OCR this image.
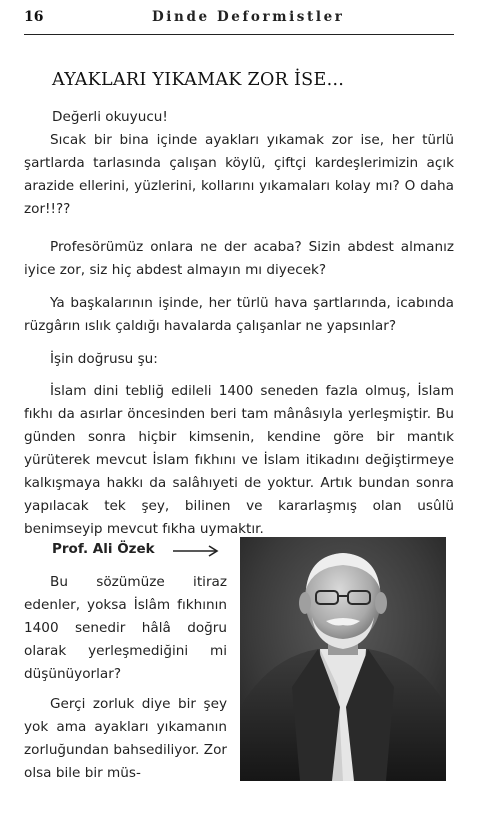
16	Dinde Deformistler
AYAKLARI YIKAMAK ZOR İSE…

Değerli okuyucu!

Sıcak bir bina içinde ayakları yıkamak zor ise, her türlü şartlarda tarlasında çalışan köylü, çiftçi kardeşlerimizin açık arazide ellerini, yüzlerini, kollarını yıkamaları kolay mı? O daha zor!!??

Profesörümüz onlara ne der acaba? Sizin abdest almanız iyice zor, siz hiç abdest almayın mı diyecek?

Ya başkalarının işinde, her türlü hava şartlarında, icabında rüzgârın ıslık çaldığı havalarda çalışanlar ne yapsınlar?

İşin doğrusu şu:

İslam dini tebliğ edileli 1400 seneden fazla olmuş, İslam fıkhı da asırlar öncesinden beri tam mânâsıyla yerleşmiştir. Bu günden sonra hiçbir kimsenin, kendine göre bir mantık yürüterek mevcut İslam fıkhını ve İslam itikadını değiştirmeye kalkışmaya hakkı da salâhıyeti de yoktur. Artık bundan sonra yapılacak tek şey, bilinen ve kararlaşmış olan usûlü benimseyip mevcut fıkha uymaktır.

Prof. Ali Özek

Bu sözümüze itiraz edenler, yoksa İslâm fıkhının 1400 senedir hâlâ doğru olarak yerleşmediğini mi düşünüyorlar?

Gerçi zorluk diye bir şey yok ama ayakları yıkamanın zorluğundan bahsediliyor. Zor olsa bile bir müs-
